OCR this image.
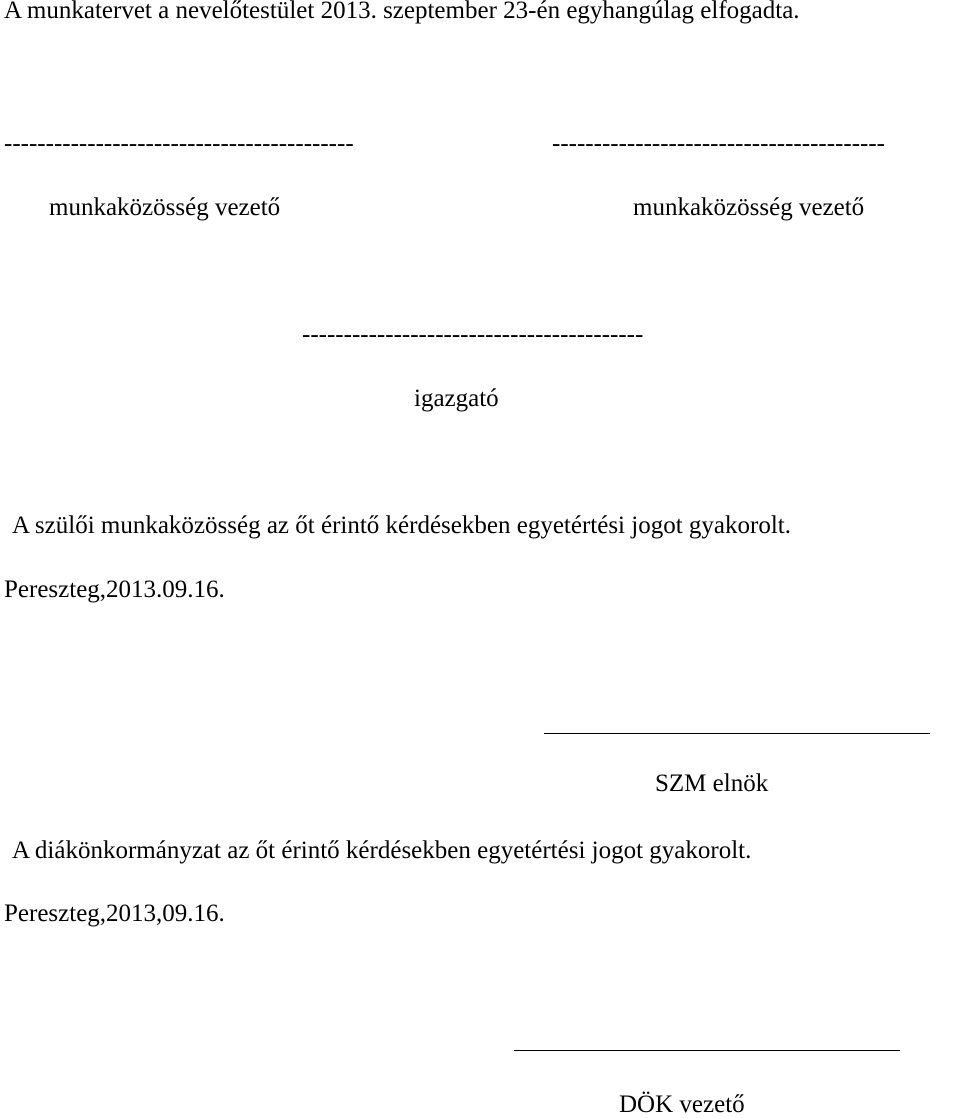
A munkatervet a nevelőtestület 2013. szeptember 23-én egyhangúlag elfogadta.
------------------------------------------	----------------------------------------
munkaközösség vezető	munkaközösség vezető
-----------------------------------------
igazgató
A szülői munkaközösség az őt érintő kérdésekben egyetértési jogot gyakorolt.
Pereszteg,2013.09.16.
SZM elnök
A diákönkormányzat az őt érintő kérdésekben egyetértési jogot gyakorolt.
Pereszteg,2013,09.16.
DÖK vezető
